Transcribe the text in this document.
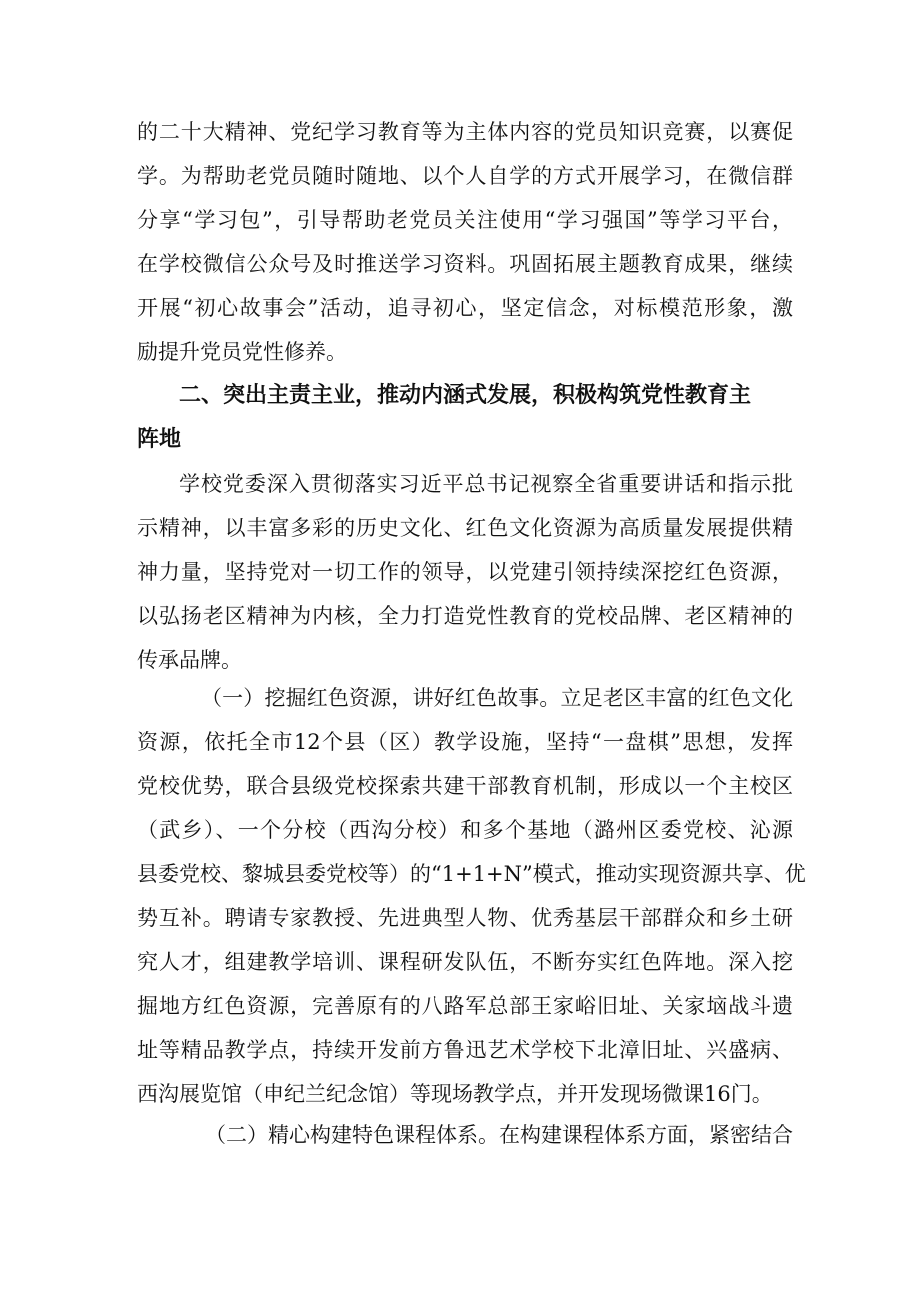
的二十大精神、党纪学习教育等为主体内容的党员知识竞赛，以赛促
学。为帮助老党员随时随地、以个人自学的方式开展学习，在微信群
分享“学习包”，引导帮助老党员关注使用“学习强国”等学习平台，
在学校微信公众号及时推送学习资料。巩固拓展主题教育成果，继续
开展“初心故事会”活动，追寻初心，坚定信念，对标模范形象，激
励提升党员党性修养。
二、突出主责主业，推动内涵式发展，积极构筑党性教育主
阵地
学校党委深入贯彻落实习近平总书记视察全省重要讲话和指示批
示精神，以丰富多彩的历史文化、红色文化资源为高质量发展提供精
神力量，坚持党对一切工作的领导，以党建引领持续深挖红色资源，
以弘扬老区精神为内核，全力打造党性教育的党校品牌、老区精神的
传承品牌。
（一）挖掘红色资源，讲好红色故事。立足老区丰富的红色文化
资源，依托全市12个县（区）教学设施，坚持“一盘棋”思想，发挥
党校优势，联合县级党校探索共建干部教育机制，形成以一个主校区
（武乡）、一个分校（西沟分校）和多个基地（潞州区委党校、沁源
县委党校、黎城县委党校等）的“1+1+N”模式，推动实现资源共享、优
势互补。聘请专家教授、先进典型人物、优秀基层干部群众和乡土研
究人才，组建教学培训、课程研发队伍，不断夯实红色阵地。深入挖
掘地方红色资源，完善原有的八路军总部王家峪旧址、关家垴战斗遗
址等精品教学点，持续开发前方鲁迅艺术学校下北漳旧址、兴盛病、
西沟展览馆（申纪兰纪念馆）等现场教学点，并开发现场微课16门。
（二）精心构建特色课程体系。在构建课程体系方面，紧密结合
